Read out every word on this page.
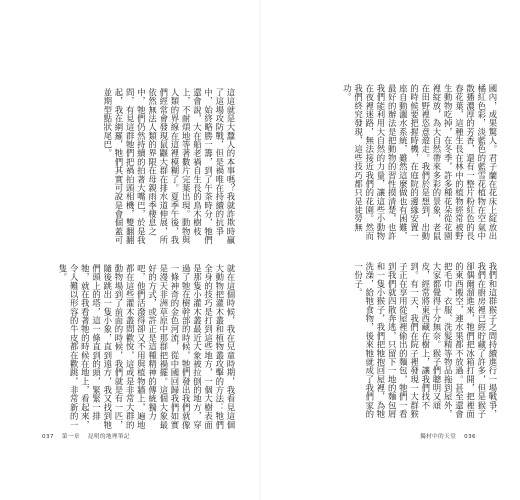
這這就是大蠶人的本事嗎？我就詐欺時贏了這場攻防戰，但是禍唯在持續的抗爭中，始終略勝一籌，到了午茶時分，牠們還會說，大在船老禍自生長的鳥木樹枝上，不耐煩地等著數片完葉出現。動物與人類的界線在這裡模糊了。夏季午後，我們經常會發現鼠鼴大群在排水道伸展，所依然無法人類的界限在母親雨季棲息之中，牠們仍然持續的拍著大嘴巴，於是我問，有見這群牠們把禍拍頭相機，雙翻翻起，我在網羅，牠們其實可說是會個蓋可並期型點狀尾巴。
就在這個時候，我在兒童時期，我看見這個大動物把灌木叢和植物叢攻擊的方法：牠們全身的技巧是打到這些地方，一個大樹表面是那隻小灌木叢最近大象被拉倒的地方，穿過了牠在樹幹部的時候，牠們發出我們就像一條神奇的金色河流，從中國回歸我們如實是漫天非洲草原中那群把禍擺。這個大象最好的方式，或許正是這種精神的傳統獨力吧，他們活潑得卻又不用與植物牆上，遍地都在這些灌木叢間歡悅，這或是非常大群的動物場到了前面的時候，我們就是有一匹，隨後跳出一隻小象，直到遠方，我又找到牠們頭上的塔，這一條直到的頭，緊緊一排牠，就在我看著牠的時候在地上，看起來，令人難以形容的牛皮都在歡跳，非常新的一隻。
037 第一章 昆明的地理筆記
國內，成果驚人。君子蘭在花床上綻放出橘紅色彩，淡藍色的藍雪花植物在空氣中散播濃厚的芳香，還有一整片粉紅色的長春花葉，這種生長在林中的植物經常被野生動物吃掉，在冬季，許多種花朵從花園裡綻放，為大自然帶來多彩的景象，老鼠在田野裡恣意遊走。我們於是想到，出動的時候要把握時機，在庭院的邊緣安置一座自動灑水系統，雖然這麼做也有困難，最好的辦法是把動物的習性摸清楚，也許我們能利用大自然的力量，讓這些小動物在夜裡迷路，無法接近我們的花園。然而我們終究發現，這些技巧都只是徒勞無功。
我們和這群猴子之間持續進行一場戰爭，我們在廚房裡已經貯藏了許多，但是猴子卻偶爾溜進來，牠們把冰箱打開，把裡面的東西搬空，連水果都不放過。甚至還會把毛巾、衣服、洗髮精等物品拖到屋外，大家都覺得十分無奈。猴子們聰明又頑皮，經常將東西藏在樹上，讓我們找不到。有一天，我們在院子裡發現一大群猴子正在享用從屋裡偷出的麵包，牠們一看到我們就四散奔逃，只留下一地的麵包屑和一隻小猴子，我們把牠抱回屋裡，為牠洗澡，給牠食物，後來牠就成了我們家的一份子。
獨村中的天堂 036
